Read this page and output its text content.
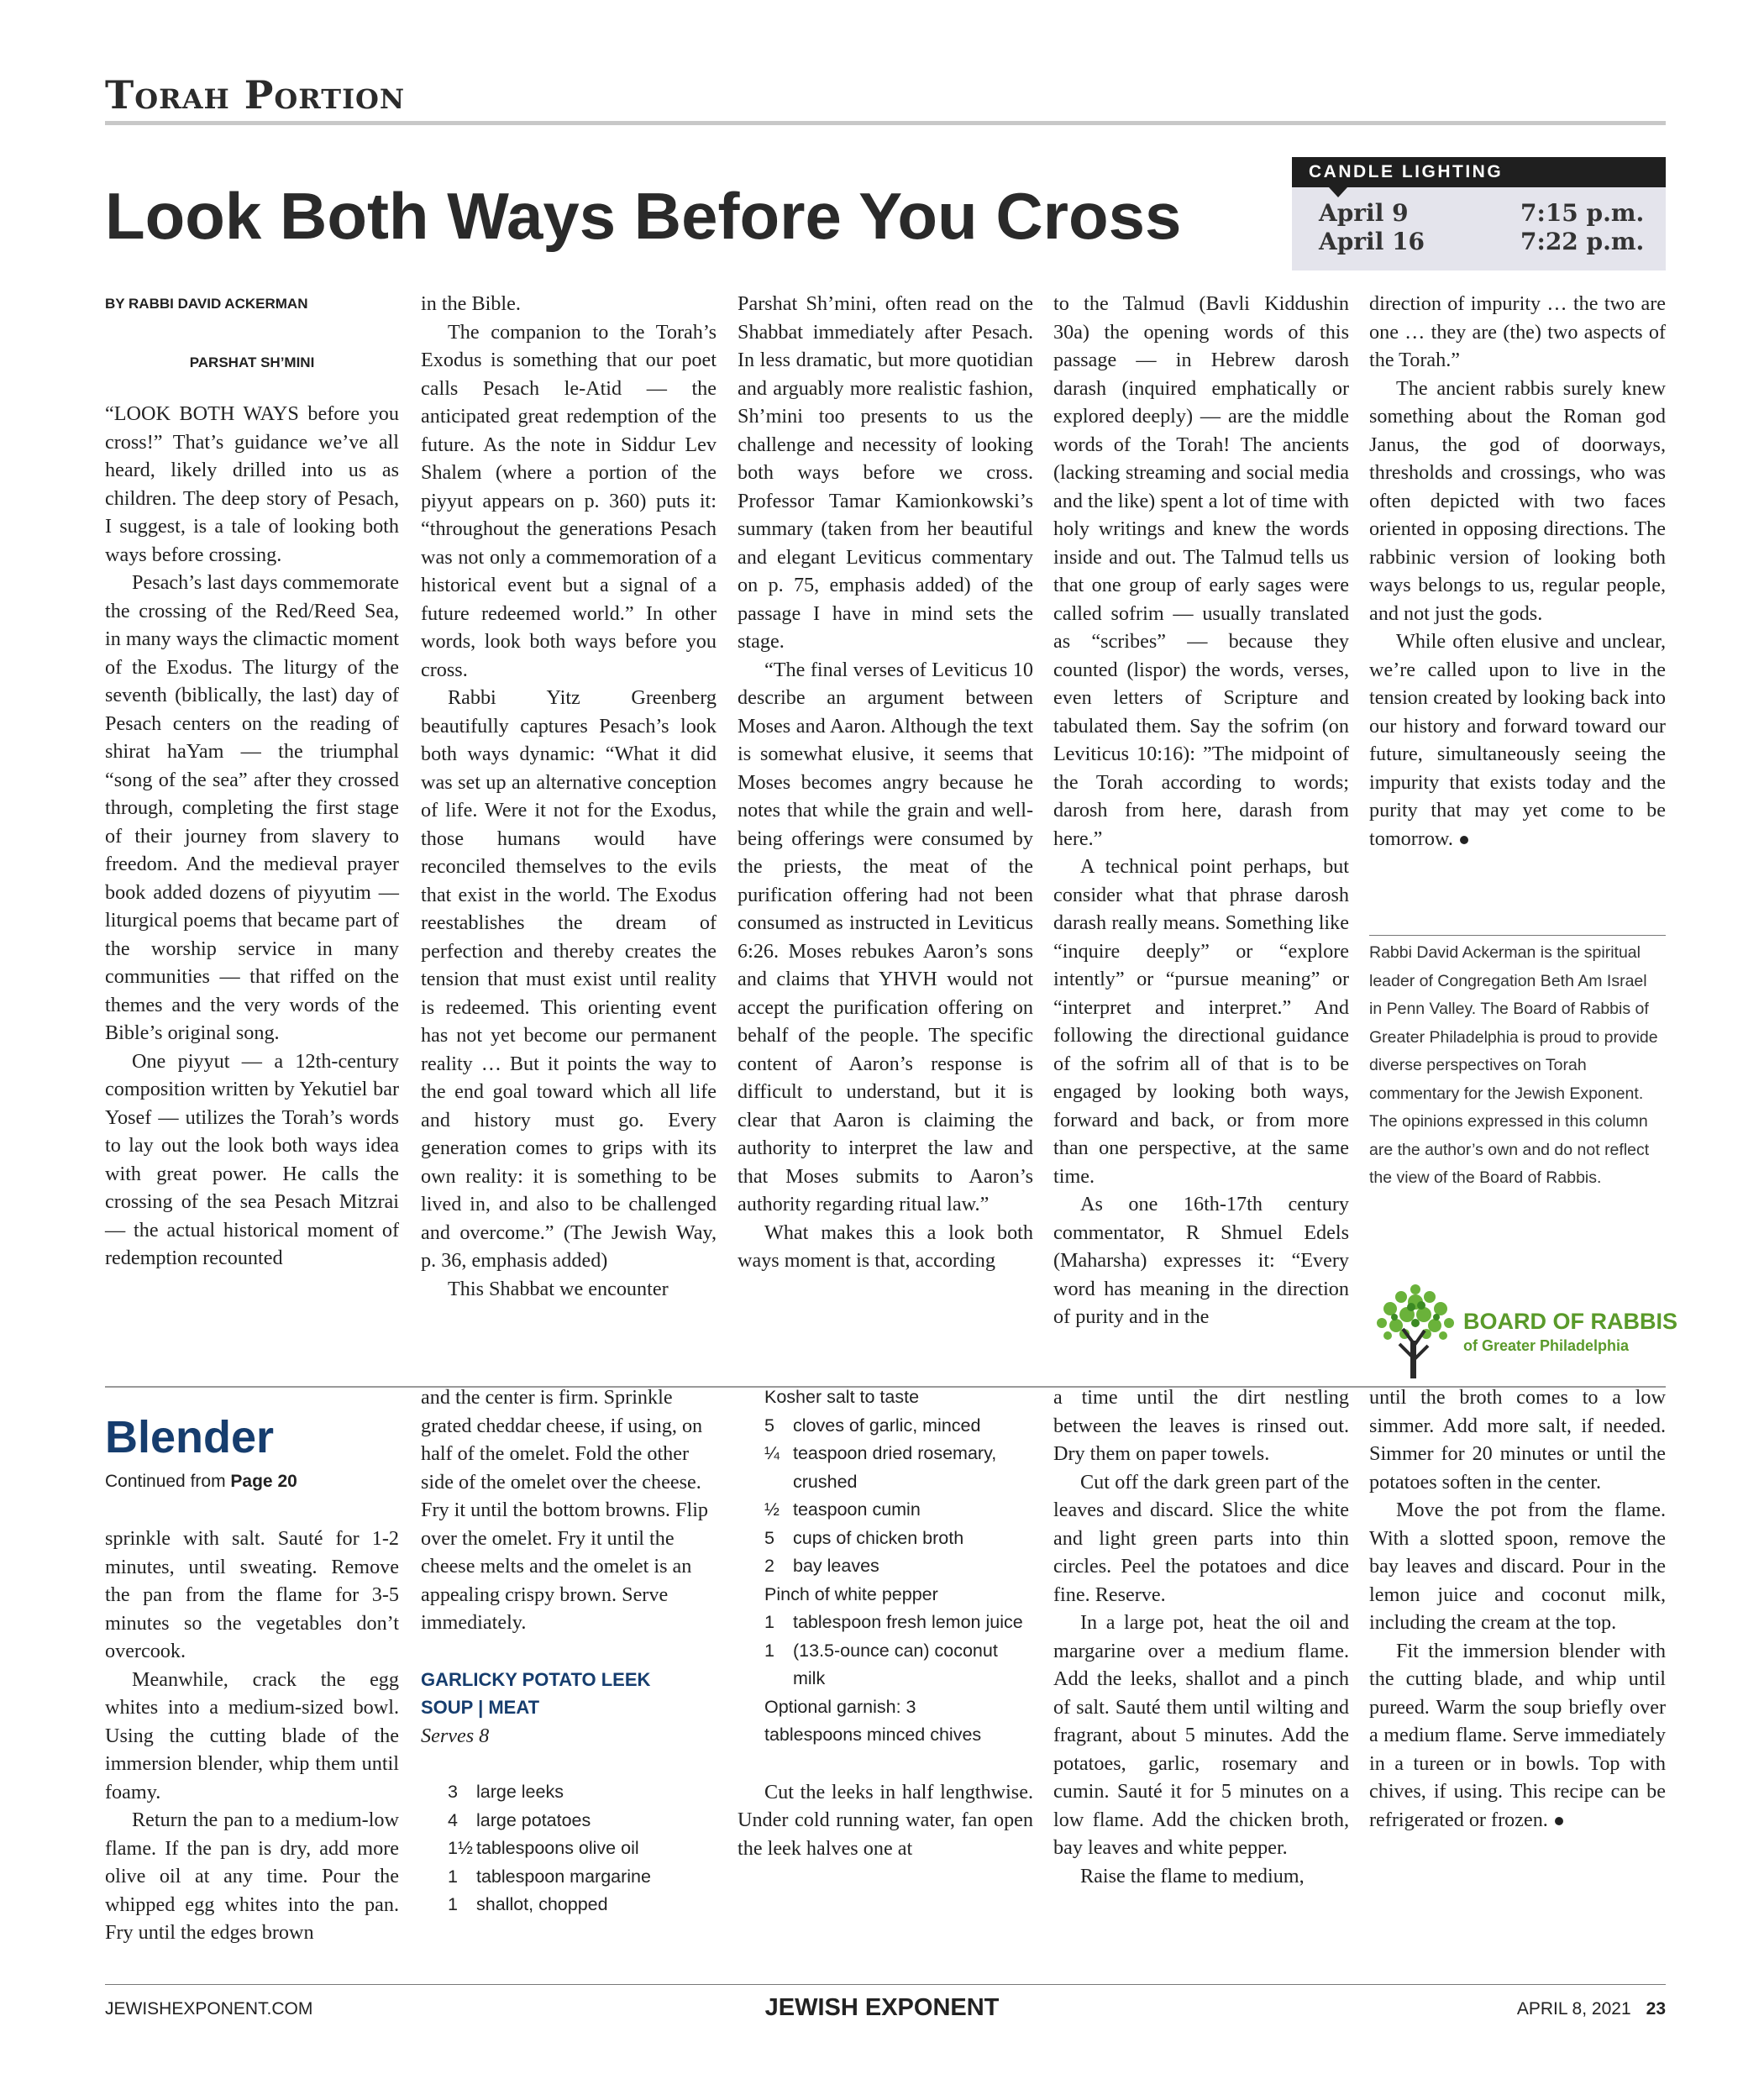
Torah Portion
Look Both Ways Before You Cross
CANDLE LIGHTING
April 9	7:15 p.m.
April 16	7:22 p.m.
BY RABBI DAVID ACKERMAN
PARSHAT SH’MINI

“LOOK BOTH WAYS before you cross!” That’s guidance we’ve all heard, likely drilled into us as children. The deep story of Pesach, I suggest, is a tale of looking both ways before crossing.

Pesach’s last days commemorate the crossing of the Red/Reed Sea, in many ways the climactic moment of the Exodus. The liturgy of the seventh (biblically, the last) day of Pesach centers on the reading of shirat haYam — the triumphal “song of the sea” after they crossed through, completing the first stage of their journey from slavery to freedom. And the medieval prayer book added dozens of piyyutim — liturgical poems that became part of the worship service in many communities — that riffed on the themes and the very words of the Bible’s original song.

One piyyut — a 12th-century composition written by Yekutiel bar Yosef — utilizes the Torah’s words to lay out the look both ways idea with great power. He calls the crossing of the sea Pesach Mitzrai — the actual historical moment of redemption recounted

in the Bible.

The companion to the Torah’s Exodus is something that our poet calls Pesach le-Atid — the anticipated great redemption of the future. As the note in Siddur Lev Shalem (where a portion of the piyyut appears on p. 360) puts it: “throughout the generations Pesach was not only a commemoration of a historical event but a signal of a future redeemed world.” In other words, look both ways before you cross.

Rabbi Yitz Greenberg beautifully captures Pesach’s look both ways dynamic: “What it did was set up an alternative conception of life. Were it not for the Exodus, those humans would have reconciled themselves to the evils that exist in the world. The Exodus reestablishes the dream of perfection and thereby creates the tension that must exist until reality is redeemed. This orienting event has not yet become our permanent reality … But it points the way to the end goal toward which all life and history must go. Every generation comes to grips with its own reality: it is something to be lived in, and also to be challenged and overcome.” (The Jewish Way, p. 36, emphasis added)

This Shabbat we encounter

Parshat Sh’mini, often read on the Shabbat immediately after Pesach. In less dramatic, but more quotidian and arguably more realistic fashion, Sh’mini too presents to us the challenge and necessity of looking both ways before we cross. Professor Tamar Kamionkowski’s summary (taken from her beautiful and elegant Leviticus commentary on p. 75, emphasis added) of the passage I have in mind sets the stage.

“The final verses of Leviticus 10 describe an argument between Moses and Aaron. Although the text is somewhat elusive, it seems that Moses becomes angry because he notes that while the grain and well-being offerings were consumed by the priests, the meat of the purification offering had not been consumed as instructed in Leviticus 6:26. Moses rebukes Aaron’s sons and claims that YHVH would not accept the purification offering on behalf of the people. The specific content of Aaron’s response is difficult to understand, but it is clear that Aaron is claiming the authority to interpret the law and that Moses submits to Aaron’s authority regarding ritual law.”

What makes this a look both ways moment is that, according

to the Talmud (Bavli Kiddushin 30a) the opening words of this passage — in Hebrew darosh darash (inquired emphatically or explored deeply) — are the middle words of the Torah! The ancients (lacking streaming and social media and the like) spent a lot of time with holy writings and knew the words inside and out. The Talmud tells us that one group of early sages were called sofrim — usually translated as “scribes” — because they counted (lispor) the words, verses, even letters of Scripture and tabulated them. Say the sofrim (on Leviticus 10:16): ”The midpoint of the Torah according to words; darosh from here, darash from here.”

A technical point perhaps, but consider what that phrase darosh darash really means. Something like “inquire deeply” or “explore intently” or “pursue meaning” or “interpret and interpret.” And following the directional guidance of the sofrim all of that is to be engaged by looking both ways, forward and back, or from more than one perspective, at the same time.

As one 16th-17th century commentator, R Shmuel Edels (Maharsha) expresses it: “Every word has meaning in the direction of purity and in the

direction of impurity … the two are one … they are (the) two aspects of the Torah.”

The ancient rabbis surely knew something about the Roman god Janus, the god of doorways, thresholds and crossings, who was often depicted with two faces oriented in opposing directions. The rabbinic version of looking both ways belongs to us, regular people, and not just the gods.

While often elusive and unclear, we’re called upon to live in the tension created by looking back into our history and forward toward our future, simultaneously seeing the impurity that exists today and the purity that may yet come to be tomorrow.

Rabbi David Ackerman is the spiritual leader of Congregation Beth Am Israel in Penn Valley. The Board of Rabbis of Greater Philadelphia is proud to provide diverse perspectives on Torah commentary for the Jewish Exponent. The opinions expressed in this column are the author’s own and do not reflect the view of the Board of Rabbis.
BOARD OF RABBIS
of Greater Philadelphia
Blender
Continued from Page 20

sprinkle with salt. Sauté for 1-2 minutes, until sweating. Remove the pan from the flame for 3-5 minutes so the vegetables don’t overcook.

Meanwhile, crack the egg whites into a medium-sized bowl. Using the cutting blade of the immersion blender, whip them until foamy.

Return the pan to a medium-low flame. If the pan is dry, add more olive oil at any time. Pour the whipped egg whites into the pan. Fry until the edges brown

and the center is firm. Sprinkle grated cheddar cheese, if using, on half of the omelet. Fold the other side of the omelet over the cheese. Fry it until the bottom browns. Flip over the omelet. Fry it until the cheese melts and the omelet is an appealing crispy brown. Serve immediately.

GARLICKY POTATO LEEK
SOUP | MEAT
Serves 8
3	large leeks
4	large potatoes
1½ tablespoons olive oil
1	tablespoon margarine
1	shallot, chopped
Kosher salt to taste
5	cloves of garlic, minced
¼ teaspoon dried rosemary, crushed
½ teaspoon cumin
5	cups of chicken broth
2	bay leaves
Pinch of white pepper
1	tablespoon fresh lemon juice
1	(13.5-ounce can) coconut milk
Optional garnish: 3 tablespoons minced chives

Cut the leeks in half lengthwise. Under cold running water, fan open the leek halves one at

a time until the dirt nestling between the leaves is rinsed out. Dry them on paper towels.

Cut off the dark green part of the leaves and discard. Slice the white and light green parts into thin circles. Peel the potatoes and dice fine. Reserve.

In a large pot, heat the oil and margarine over a medium flame. Add the leeks, shallot and a pinch of salt. Sauté them until wilting and fragrant, about 5 minutes. Add the potatoes, garlic, rosemary and cumin. Sauté it for 5 minutes on a low flame. Add the chicken broth, bay leaves and white pepper.

Raise the flame to medium,

until the broth comes to a low simmer. Add more salt, if needed. Simmer for 20 minutes or until the potatoes soften in the center.

Move the pot from the flame. With a slotted spoon, remove the bay leaves and discard. Pour in the lemon juice and coconut milk, including the cream at the top.

Fit the immersion blender with the cutting blade, and whip until pureed. Warm the soup briefly over a medium flame. Serve immediately in a tureen or in bowls. Top with chives, if using. This recipe can be refrigerated or frozen.

JEWISHEXPONENT.COM	JEWISH EXPONENT	APRIL 8, 2021 23
